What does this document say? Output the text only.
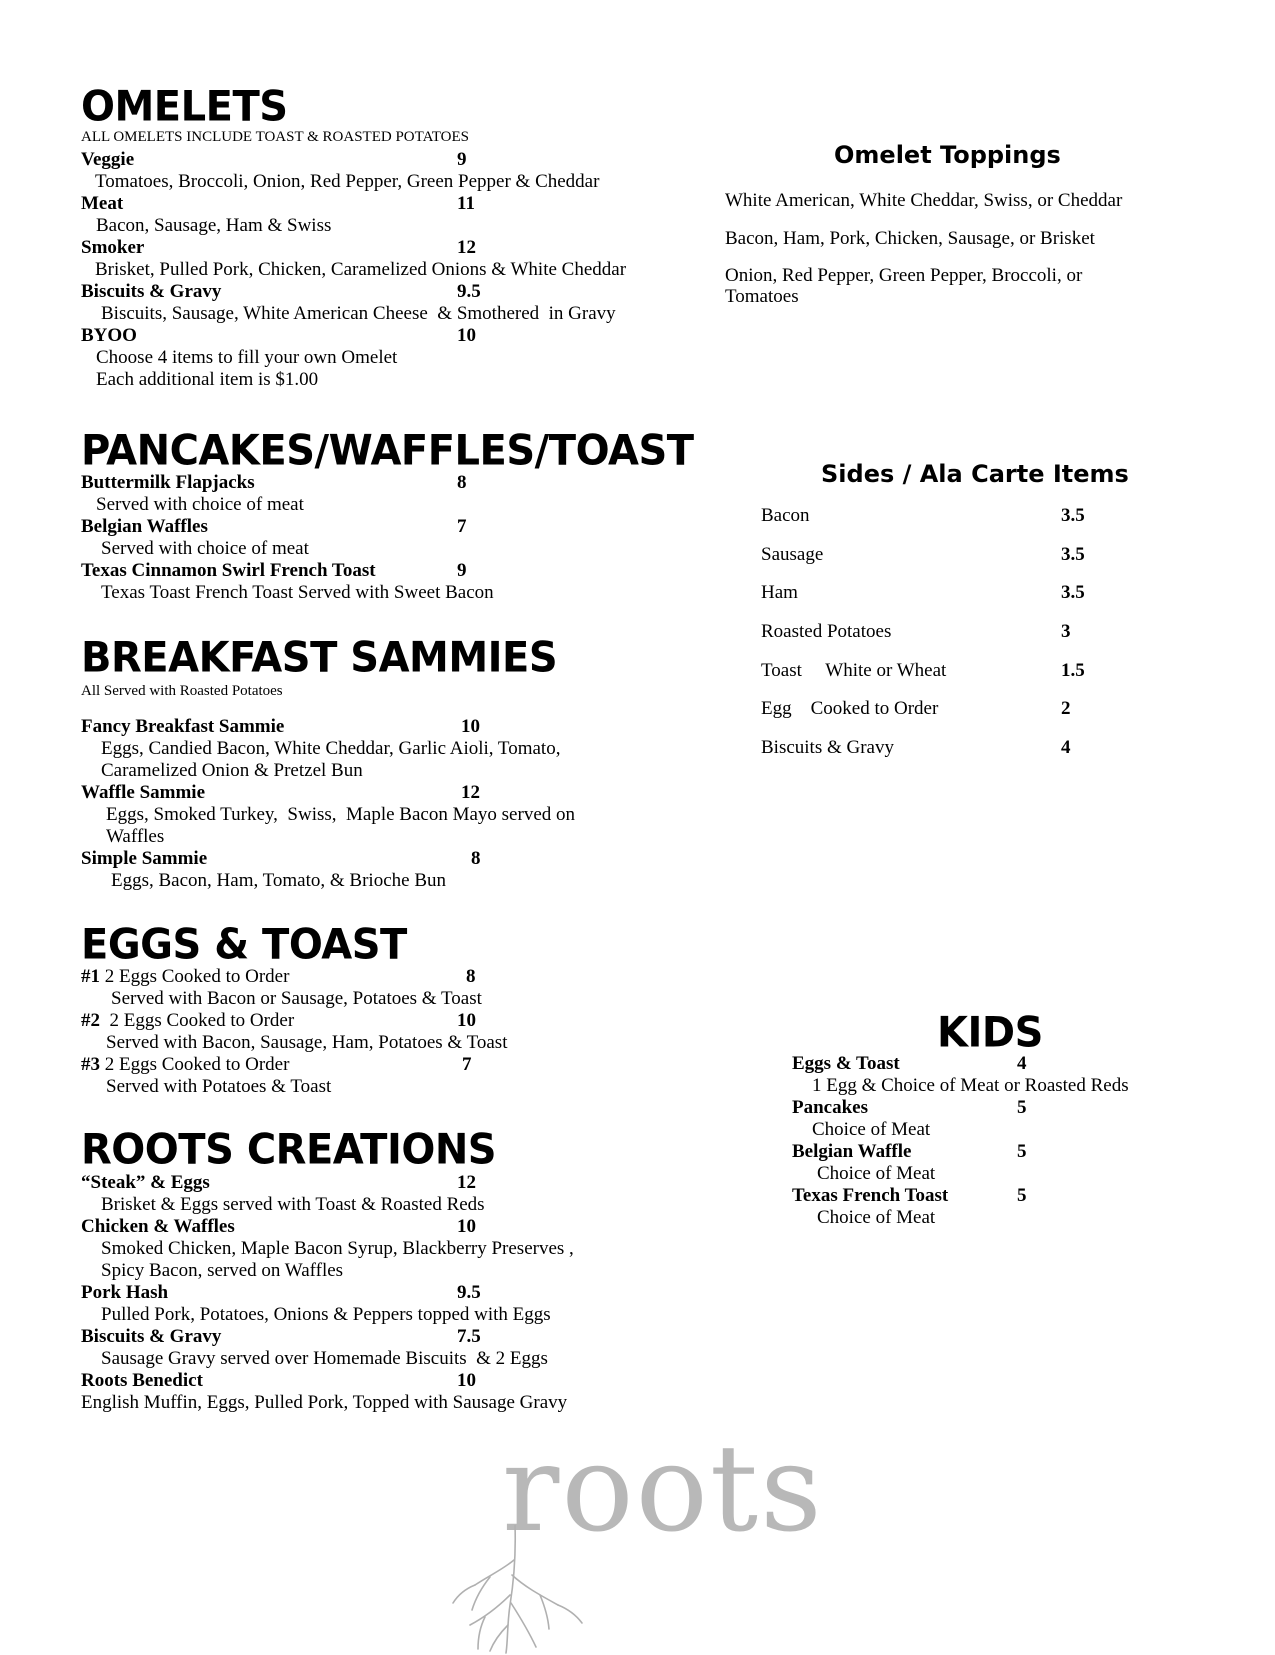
OMELETS
ALL OMELETS INCLUDE TOAST & ROASTED POTATOES
Veggie	9
Tomatoes, Broccoli, Onion, Red Pepper, Green Pepper & Cheddar
Meat	11
Bacon, Sausage, Ham & Swiss
Smoker	12
Brisket, Pulled Pork, Chicken, Caramelized Onions & White Cheddar
Biscuits & Gravy	9.5
Biscuits, Sausage, White American Cheese  & Smothered  in Gravy
BYOO	10
Choose 4 items to fill your own Omelet
Each additional item is $1.00
PANCAKES/WAFFLES/TOAST
Buttermilk Flapjacks	8
Served with choice of meat
Belgian Waffles	7
Served with choice of meat
Texas Cinnamon Swirl French Toast	9
Texas Toast French Toast Served with Sweet Bacon
BREAKFAST SAMMIES
All Served with Roasted Potatoes
Fancy Breakfast Sammie	10
Eggs, Candied Bacon, White Cheddar, Garlic Aioli, Tomato,
Caramelized Onion & Pretzel Bun
Waffle Sammie	12
Eggs, Smoked Turkey,  Swiss,  Maple Bacon Mayo served on
Waffles
Simple Sammie	8
Eggs, Bacon, Ham, Tomato, & Brioche Bun
EGGS & TOAST
#1 2 Eggs Cooked to Order	8
Served with Bacon or Sausage, Potatoes & Toast
#2  2 Eggs Cooked to Order	10
Served with Bacon, Sausage, Ham, Potatoes & Toast
#3 2 Eggs Cooked to Order	7
Served with Potatoes & Toast
ROOTS CREATIONS
“Steak” & Eggs	12
Brisket & Eggs served with Toast & Roasted Reds
Chicken & Waffles	10
Smoked Chicken, Maple Bacon Syrup, Blackberry Preserves ,
Spicy Bacon, served on Waffles
Pork Hash	9.5
Pulled Pork, Potatoes, Onions & Peppers topped with Eggs
Biscuits & Gravy	7.5
Sausage Gravy served over Homemade Biscuits  & 2 Eggs
Roots Benedict	10
English Muffin, Eggs, Pulled Pork, Topped with Sausage Gravy
Omelet Toppings
White American, White Cheddar, Swiss, or Cheddar
Bacon, Ham, Pork, Chicken, Sausage, or Brisket
Onion, Red Pepper, Green Pepper, Broccoli, or
Tomatoes
Sides / Ala Carte Items
Bacon	3.5
Sausage	3.5
Ham	3.5
Roasted Potatoes	3
Toast     White or Wheat	1.5
Egg    Cooked to Order	2
Biscuits & Gravy	4
KIDS
Eggs & Toast	4
1 Egg & Choice of Meat or Roasted Reds
Pancakes	5
Choice of Meat
Belgian Waffle	5
Choice of Meat
Texas French Toast	5
Choice of Meat
roots
